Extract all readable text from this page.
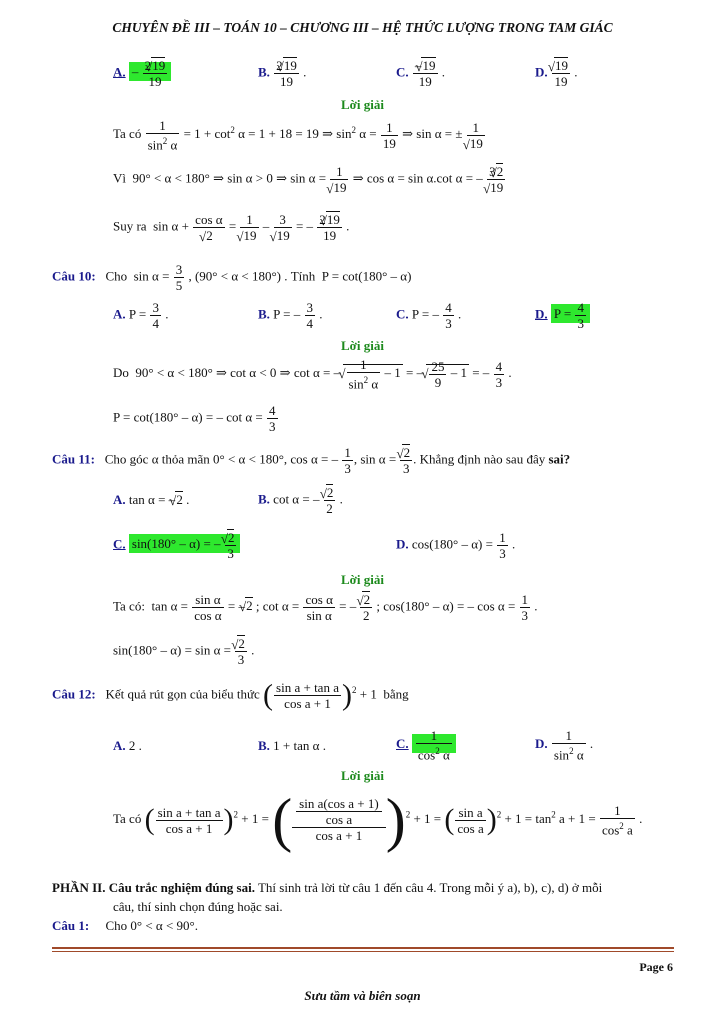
CHUYÊN ĐỀ III – TOÁN 10 – CHƯƠNG III – HỆ THỨC LƯỢNG TRONG TAM GIÁC
A. – $\frac{2√ 19}{19}$	B. $\frac{2√ 19}{19}$ .	C. $\frac{-√ 19}{19}$ .	D. √ $\frac{19}{19}$ .
Lời giải
Ta có $\frac{1}{\sin^2 \alpha} = 1 + \cot^2 \alpha = 1 + 18 = 19$ ⇒ $\sin^2 \alpha = \frac{1}{19}$ ⇒ sin α = ± 1
√ 19
Vì  90° < α < 180° ⇒ sin α > 0 ⇒ sin α = 1
√ 19 ⇒ cos α = sin α.cot α = – 3√ 2
√ 19
Suy ra  sin α + cos α
√ 2 = 1
√ 19 – 3
√ 19 = – $\frac{2√ 19}{19}$ .
Câu 10: Cho  $\sin \alpha = \frac{3}{5}$ , (90° < α < 180°) . Tính  P = cot(180° – α)
A. $P = \frac{3}{4}$ .	B. P = – $\frac{3}{4}$ .	C. P = – $\frac{4}{3}$ .	D. $P = \frac{4}{3}$
Lời giải
Do  90° < α < 180° ⇒ cot α < 0 ⇒ cot α = – √ $\frac{1}{\sin^2 \alpha} - 1$ = – √ $\frac{25}{9} - 1$ = – $\frac{4}{3}$ .
P = cot(180° – α) = – $\cot \alpha = \frac{4}{3}$
Câu 11: Cho góc α thỏa mãn 0° < α < 180°, cos α = – $\frac{1}{3}$ , sin α = √ $\frac{2}{3}$ . Khẳng định nào sau đây sai?
A. tan α = –√ 2 .	B. cot α = – √ $\frac{2}{2}$ .
C. sin(180° – α) = – √ $\frac{2}{3}$	D. $\cos(180^\circ - \alpha) = \frac{1}{3}$ .
Lời giải
Ta có:  $\tan \alpha = \frac{\text{sin α}}{\text{cos α}}$ = –√ 2 ; $\cot \alpha = \frac{\text{cos α}}{\text{sin α}}$ = – √ $\frac{2}{2}$ ; cos(180° – α) = – $\cos \alpha = \frac{1}{3}$ .
sin(180° – α) = sin α = √ $\frac{2}{3}$ .
Câu 12: Kết quả rút gọn của biểu thức ( $\frac{\text{sin a + tan a}}{\text{cos a + 1}} )^2 + 1$  bằng
A. 2 .	B. 1 + tan α .	C. $\frac{1}{\cos^2 \alpha}$	D. $\frac{1}{\sin^2 \alpha}$ .
Lời giải
Ta có ( $\frac{\text{sin a + tan a}}{\text{cos a + 1}} )^2 + 1$ = ( $\frac{\frac{\text{sin a(cos a + 1)}}{\text{cos a}}}{\text{cos a + 1}} )^2 + 1$ = ( $\frac{\text{sin a}}{\text{cos a}} )^2 + 1 = \tan^2 a + 1 = \frac{1}{\cos^2 a}$ .
PHẦN II. Câu trắc nghiệm đúng sai. Thí sinh trả lời từ câu 1 đến câu 4. Trong mỗi ý a), b), c), d) ở mỗi
câu, thí sinh chọn đúng hoặc sai.
Câu 1: Cho 0° < α < 90°.
Page 6
Sưu tầm và biên soạn
